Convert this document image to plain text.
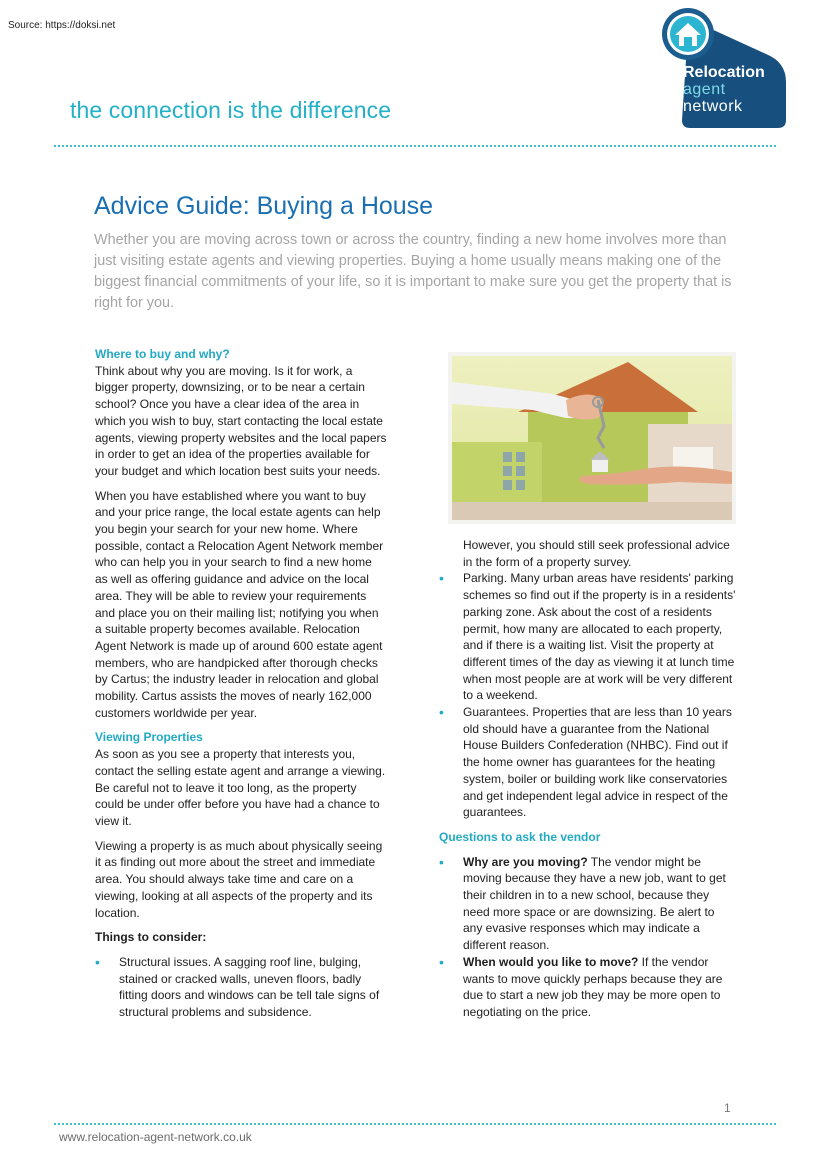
Source: https://doksi.net
Relocation
agent
network
the connection is the difference
Advice Guide: Buying a House

Whether you are moving across town or across the country, finding a new home involves more than just visiting estate agents and viewing properties. Buying a home usually means making one of the biggest financial commitments of your life, so it is important to make sure you get the property that is right for you.

Where to buy and why?

Think about why you are moving. Is it for work, a bigger property, downsizing, or to be near a certain school? Once you have a clear idea of the area in which you wish to buy, start contacting the local estate agents, viewing property websites and the local papers in order to get an idea of the properties available for your budget and which location best suits your needs.

When you have established where you want to buy and your price range, the local estate agents can help you begin your search for your new home. Where possible, contact a Relocation Agent Network member who can help you in your search to find a new home as well as offering guidance and advice on the local area. They will be able to review your requirements and place you on their mailing list; notifying you when a suitable property becomes available. Relocation Agent Network is made up of around 600 estate agent members, who are handpicked after thorough checks by Cartus; the industry leader in relocation and global mobility. Cartus assists the moves of nearly 162,000 customers worldwide per year.

Viewing Properties

As soon as you see a property that interests you, contact the selling estate agent and arrange a viewing. Be careful not to leave it too long, as the property could be under offer before you have had a chance to view it.

Viewing a property is as much about physically seeing it as finding out more about the street and immediate area. You should always take time and care on a viewing, looking at all aspects of the property and its location.

Things to consider:
• Structural issues. A sagging roof line, bulging, stained or cracked walls, uneven floors, badly fitting doors and windows can be tell tale signs of structural problems and subsidence.

However, you should still seek professional advice in the form of a property survey.

• Parking. Many urban areas have residents' parking schemes so find out if the property is in a residents' parking zone. Ask about the cost of a residents permit, how many are allocated to each property, and if there is a waiting list. Visit the property at different times of the day as viewing it at lunch time when most people are at work will be very different to a weekend.
• Guarantees. Properties that are less than 10 years old should have a guarantee from the National House Builders Confederation (NHBC). Find out if the home owner has guarantees for the heating system, boiler or building work like conservatories and get independent legal advice in respect of the guarantees.
Questions to ask the vendor
• Why are you moving? The vendor might be moving because they have a new job, want to get their children in to a new school, because they need more space or are downsizing. Be alert to any evasive responses which may indicate a different reason.
• When would you like to move? If the vendor wants to move quickly perhaps because they are due to start a new job they may be more open to negotiating on the price.
1
www.relocation-agent-network.co.uk
